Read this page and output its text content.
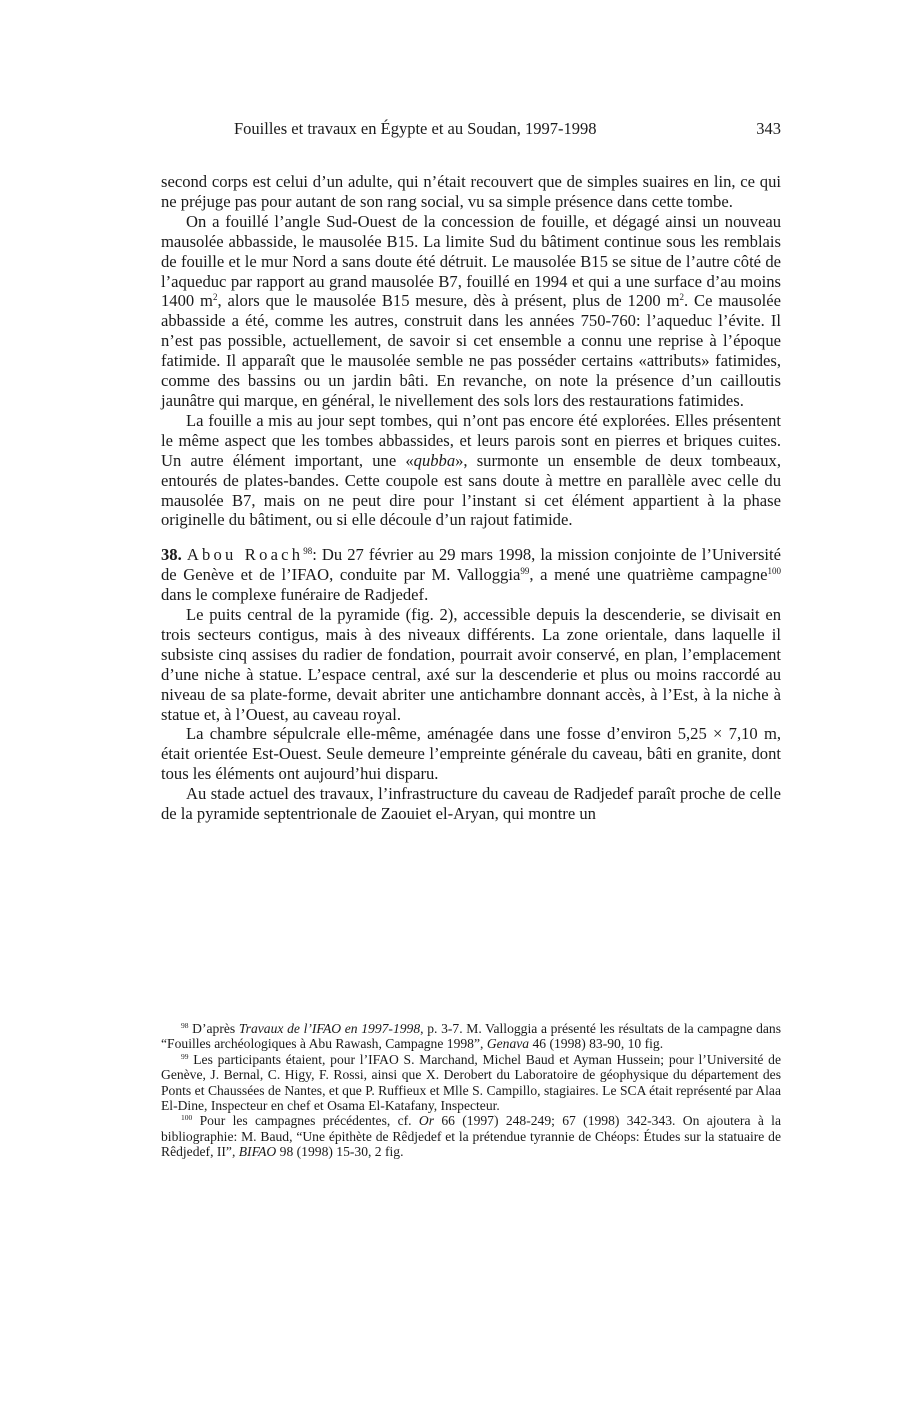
Fouilles et travaux en Égypte et au Soudan, 1997-1998	343

second corps est celui d’un adulte, qui n’était recouvert que de simples suaires en lin, ce qui ne préjuge pas pour autant de son rang social, vu sa simple présence dans cette tombe.

On a fouillé l’angle Sud-Ouest de la concession de fouille, et dégagé ainsi un nouveau mausolée abbasside, le mausolée B15. La limite Sud du bâtiment continue sous les remblais de fouille et le mur Nord a sans doute été détruit. Le mausolée B15 se situe de l’autre côté de l’aqueduc par rapport au grand mausolée B7, fouillé en 1994 et qui a une surface d’au moins 1400 $m^2$, alors que le mausolée B15 mesure, dès à présent, plus de 1200 $m^2$. Ce mausolée abbasside a été, comme les autres, construit dans les années 750-760: l’aqueduc l’évite. Il n’est pas possible, actuellement, de savoir si cet ensemble a connu une reprise à l’époque fatimide. Il apparaît que le mausolée semble ne pas posséder certains «attributs» fatimides, comme des bassins ou un jardin bâti. En revanche, on note la présence d’un cailloutis jaunâtre qui marque, en général, le nivellement des sols lors des restaurations fatimides.

La fouille a mis au jour sept tombes, qui n’ont pas encore été explorées. Elles présentent le même aspect que les tombes abbassides, et leurs parois sont en pierres et briques cuites. Un autre élément important, une «qubba», surmonte un ensemble de deux tombeaux, entourés de plates-bandes. Cette coupole est sans doute à mettre en parallèle avec celle du mausolée B7, mais on ne peut dire pour l’instant si cet élément appartient à la phase originelle du bâtiment, ou si elle découle d’un rajout fatimide.

38. Abou Roach$^{98}$: Du 27 février au 29 mars 1998, la mission conjointe de l’Université de Genève et de l’IFAO, conduite par M. Valloggia$^{99}$, a mené une quatrième campagne$^{100}$ dans le complexe funéraire de Radjedef.

Le puits central de la pyramide (fig. 2), accessible depuis la descenderie, se divisait en trois secteurs contigus, mais à des niveaux différents. La zone orientale, dans laquelle il subsiste cinq assises du radier de fondation, pourrait avoir conservé, en plan, l’emplacement d’une niche à statue. L’espace central, axé sur la descenderie et plus ou moins raccordé au niveau de sa plate-forme, devait abriter une antichambre donnant accès, à l’Est, à la niche à statue et, à l’Ouest, au caveau royal.

La chambre sépulcrale elle-même, aménagée dans une fosse d’environ 5,25 × 7,10 m, était orientée Est-Ouest. Seule demeure l’empreinte générale du caveau, bâti en granite, dont tous les éléments ont aujourd’hui disparu.

Au stade actuel des travaux, l’infrastructure du caveau de Radjedef paraît proche de celle de la pyramide septentrionale de Zaouiet el-Aryan, qui montre un

$^{98}$ D’après Travaux de l’IFAO en 1997-1998, p. 3-7. M. Valloggia a présenté les résultats de la campagne dans “Fouilles archéologiques à Abu Rawash, Campagne 1998”, Genava 46 (1998) 83-90, 10 fig.

$^{99}$ Les participants étaient, pour l’IFAO S. Marchand, Michel Baud et Ayman Hussein; pour l’Université de Genève, J. Bernal, C. Higy, F. Rossi, ainsi que X. Derobert du Laboratoire de géophysique du département des Ponts et Chaussées de Nantes, et que P. Ruffieux et Mlle S. Campillo, stagiaires. Le SCA était représenté par Alaa El-Dine, Inspecteur en chef et Osama El-Katafany, Inspecteur.

$^{100}$ Pour les campagnes précédentes, cf. Or 66 (1997) 248-249; 67 (1998) 342-343. On ajoutera à la bibliographie: M. Baud, “Une épithète de Rêdjedef et la prétendue tyrannie de Chéops: Études sur la statuaire de Rêdjedef, II”, BIFAO 98 (1998) 15-30, 2 fig.
